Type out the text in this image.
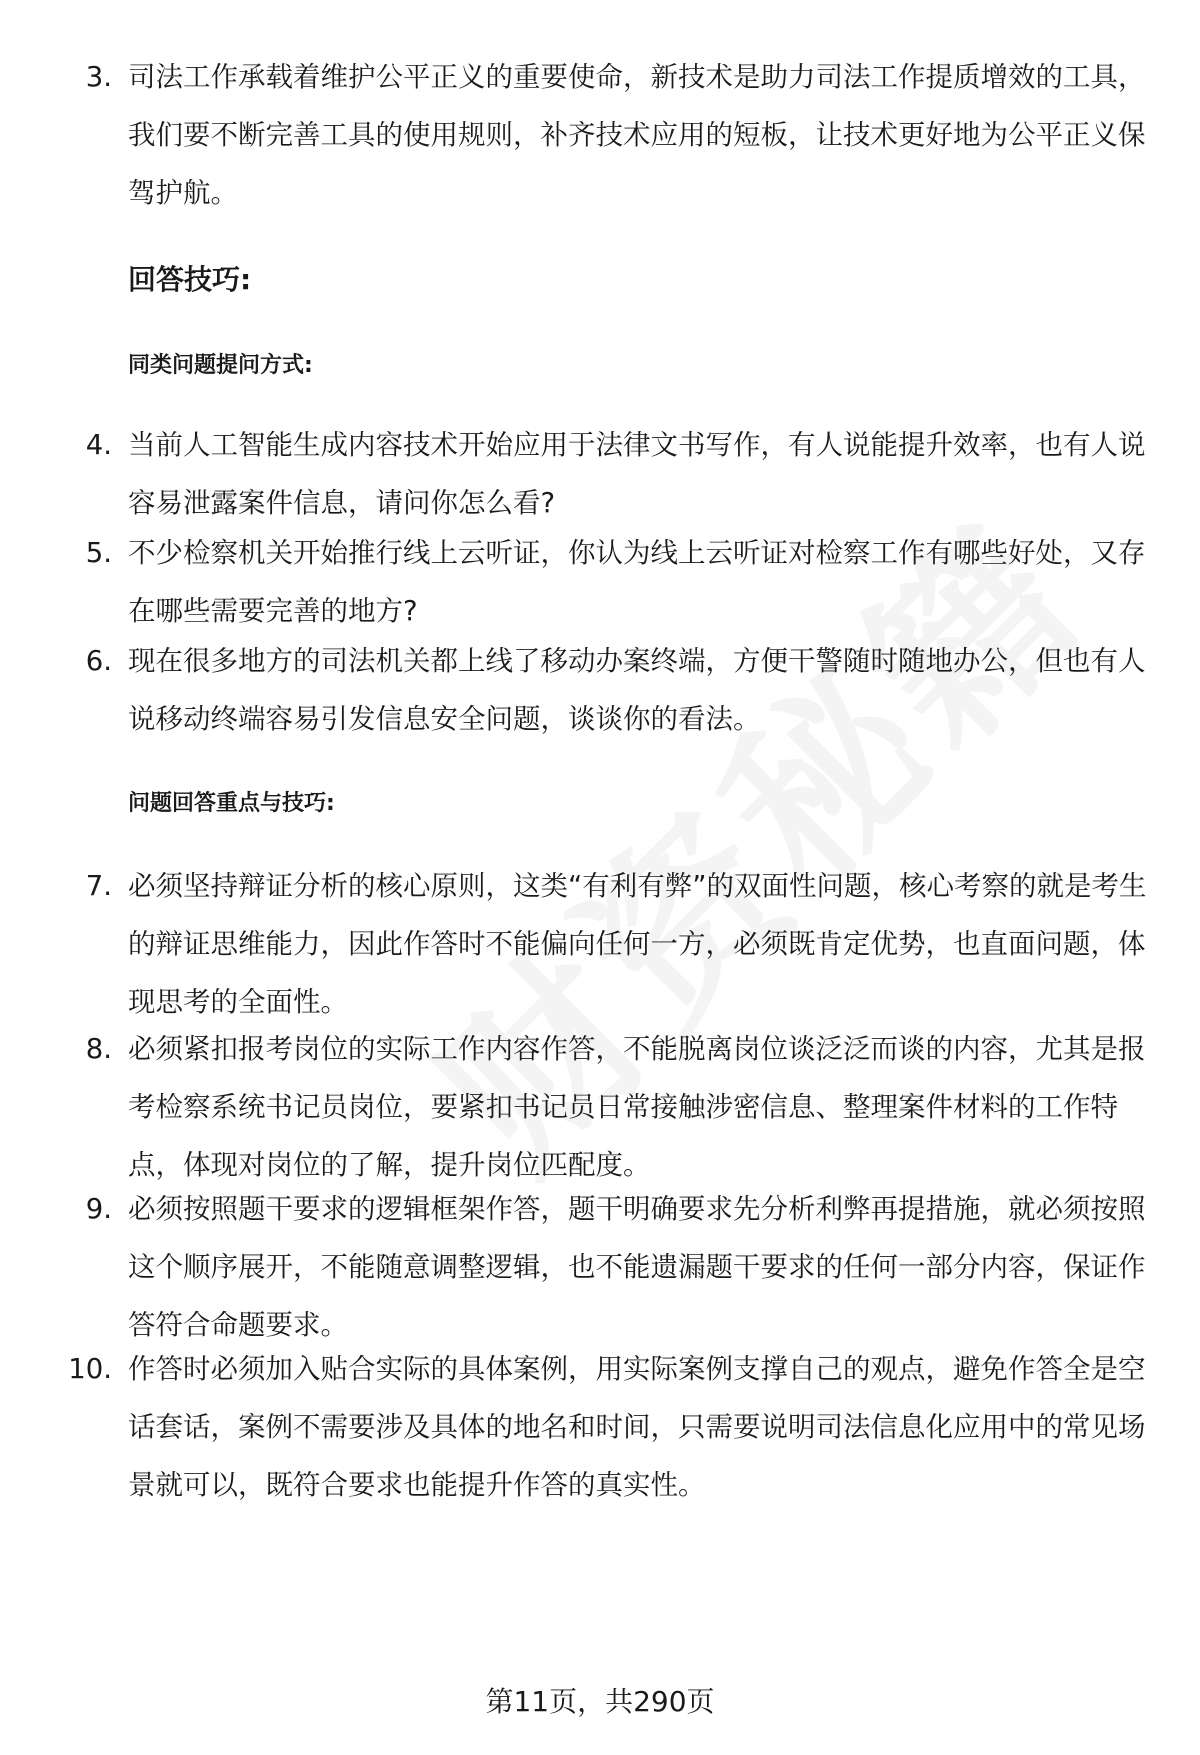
3. 司法工作承载着维护公平正义的重要使命，新技术是助力司法工作提质增效的工具，我们要不断完善工具的使用规则，补齐技术应用的短板，让技术更好地为公平正义保驾护航。
回答技巧:
同类问题提问方式:
4. 当前人工智能生成内容技术开始应用于法律文书写作，有人说能提升效率，也有人说容易泄露案件信息，请问你怎么看?
5. 不少检察机关开始推行线上云听证，你认为线上云听证对检察工作有哪些好处，又存在哪些需要完善的地方?
6. 现在很多地方的司法机关都上线了移动办案终端，方便干警随时随地办公，但也有人说移动终端容易引发信息安全问题，谈谈你的看法。
问题回答重点与技巧:
7. 必须坚持辩证分析的核心原则，这类“有利有弊”的双面性问题，核心考察的就是考生的辩证思维能力，因此作答时不能偏向任何一方，必须既肯定优势，也直面问题，体现思考的全面性。
8. 必须紧扣报考岗位的实际工作内容作答，不能脱离岗位谈泛泛而谈的内容，尤其是报考检察系统书记员岗位，要紧扣书记员日常接触涉密信息、整理案件材料的工作特点，体现对岗位的了解，提升岗位匹配度。
9. 必须按照题干要求的逻辑框架作答，题干明确要求先分析利弊再提措施，就必须按照这个顺序展开，不能随意调整逻辑，也不能遗漏题干要求的任何一部分内容，保证作答符合命题要求。
10. 作答时必须加入贴合实际的具体案例，用实际案例支撑自己的观点，避免作答全是空话套话，案例不需要涉及具体的地名和时间，只需要说明司法信息化应用中的常见场景就可以，既符合要求也能提升作答的真实性。
第11页，共290页
